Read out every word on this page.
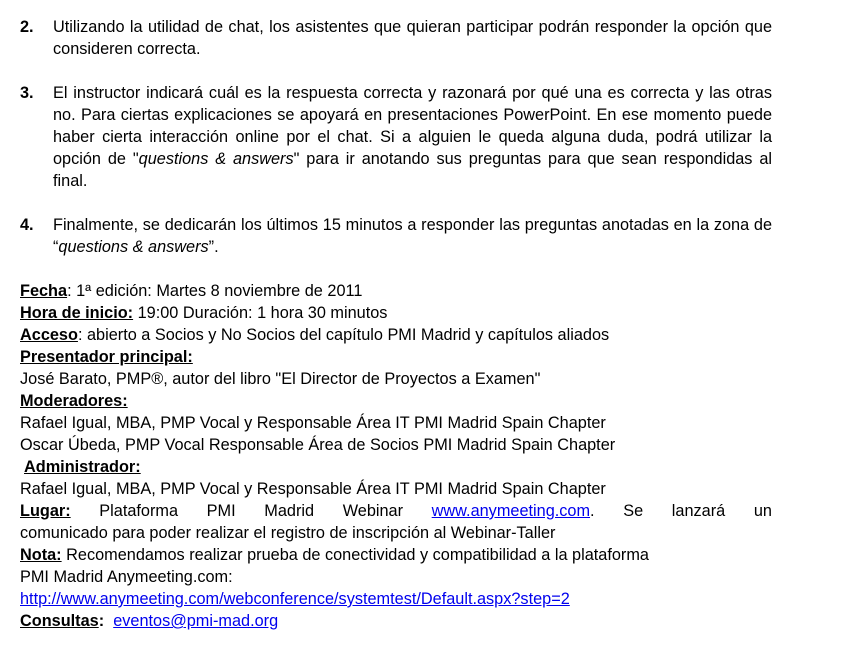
2. Utilizando la utilidad de chat, los asistentes que quieran participar podrán responder la opción que consideren correcta.
3. El instructor indicará cuál es la respuesta correcta y razonará por qué una es correcta y las otras no. Para ciertas explicaciones se apoyará en presentaciones PowerPoint. En ese momento puede haber cierta interacción online por el chat. Si a alguien le queda alguna duda, podrá utilizar la opción de "questions & answers" para ir anotando sus preguntas para que sean respondidas al final.
4. Finalmente, se dedicarán los últimos 15 minutos a responder las preguntas anotadas en la zona de “questions & answers”.
Fecha: 1ª edición: Martes 8 noviembre de 2011
Hora de inicio: 19:00 Duración: 1 hora 30 minutos
Acceso: abierto a Socios y No Socios del capítulo PMI Madrid y capítulos aliados
Presentador principal:
José Barato, PMP®, autor del libro "El Director de Proyectos a Examen"
Moderadores:
Rafael Igual, MBA, PMP Vocal y Responsable Área IT PMI Madrid Spain Chapter
Oscar Úbeda, PMP Vocal Responsable Área de Socios PMI Madrid Spain Chapter
Administrador:
Rafael Igual, MBA, PMP Vocal y Responsable Área IT PMI Madrid Spain Chapter
Lugar: Plataforma PMI Madrid Webinar www.anymeeting.com. Se lanzará un
comunicado para poder realizar el registro de inscripción al Webinar-Taller
Nota: Recomendamos realizar prueba de conectividad y compatibilidad a la plataforma
PMI Madrid Anymeeting.com:
http://www.anymeeting.com/webconference/systemtest/Default.aspx?step=2
Consultas: eventos@pmi-mad.org
